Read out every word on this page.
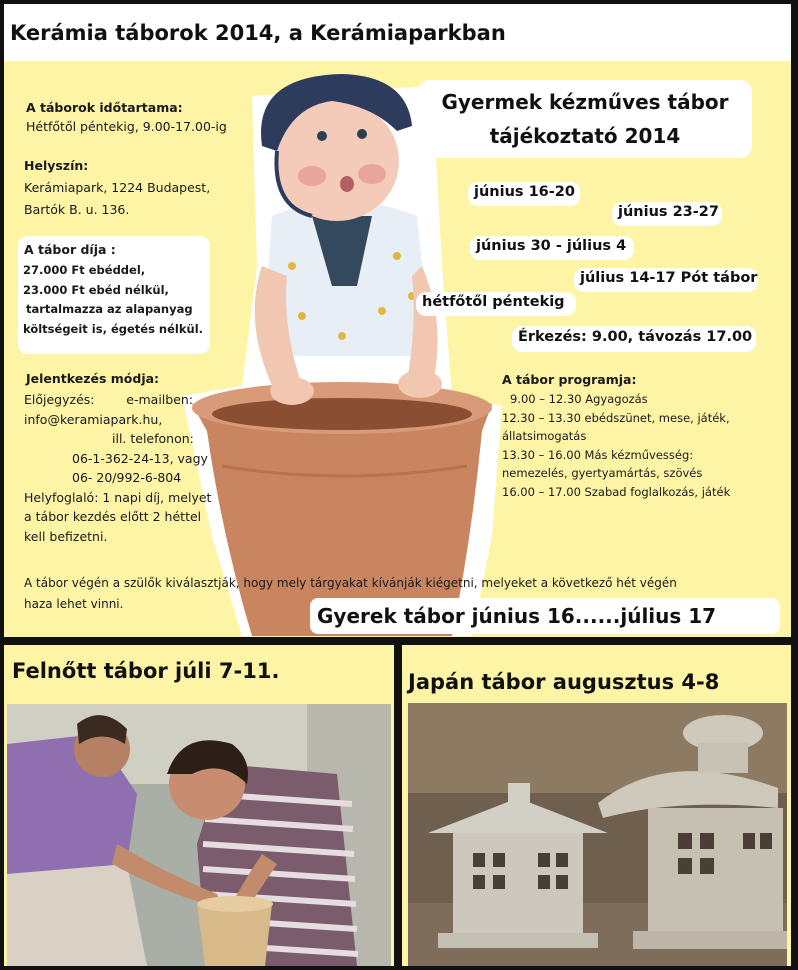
Kerámia táborok 2014, a Kerámiaparkban
A táborok időtartama:
Hétfőtől péntekig, 9.00-17.00-ig
Helyszín:
Kerámiapark, 1224 Budapest,
Bartók B. u. 136.
A tábor díja :
27.000 Ft ebéddel,
23.000 Ft ebéd nélkül,
tartalmazza az alapanyag
költségeit is, égetés nélkül.
Jelentkezés módja:
Előjegyzés:        e-mailben:
info@keramiapark.hu,
ill. telefonon:
06-1-362-24-13, vagy
06- 20/992-6-804
Helyfoglaló: 1 napi díj, melyet
a tábor kezdés előtt 2 héttel
kell befizetni.
Gyermek kézműves tábor
tájékoztató 2014
június 16-20
június 23-27
június 30 - július 4
július 14-17 Pót tábor
hétfőtől péntekig
Érkezés: 9.00, távozás 17.00
A tábor programja:
9.00 – 12.30 Agyagozás
12.30 – 13.30 ebédszünet, mese, játék,
állatsimogatás
13.30 – 16.00 Más kézművesség:
nemezelés, gyertyamártás, szövés
16.00 – 17.00 Szabad foglalkozás, játék
A tábor végén a szülők kiválasztják, hogy mely tárgyakat kívánják kiégetni, melyeket a következő hét végén
haza lehet vinni.	Gyerek tábor június 16......július 17
Felnőtt tábor júli 7-11.	Japán tábor augusztus 4-8
